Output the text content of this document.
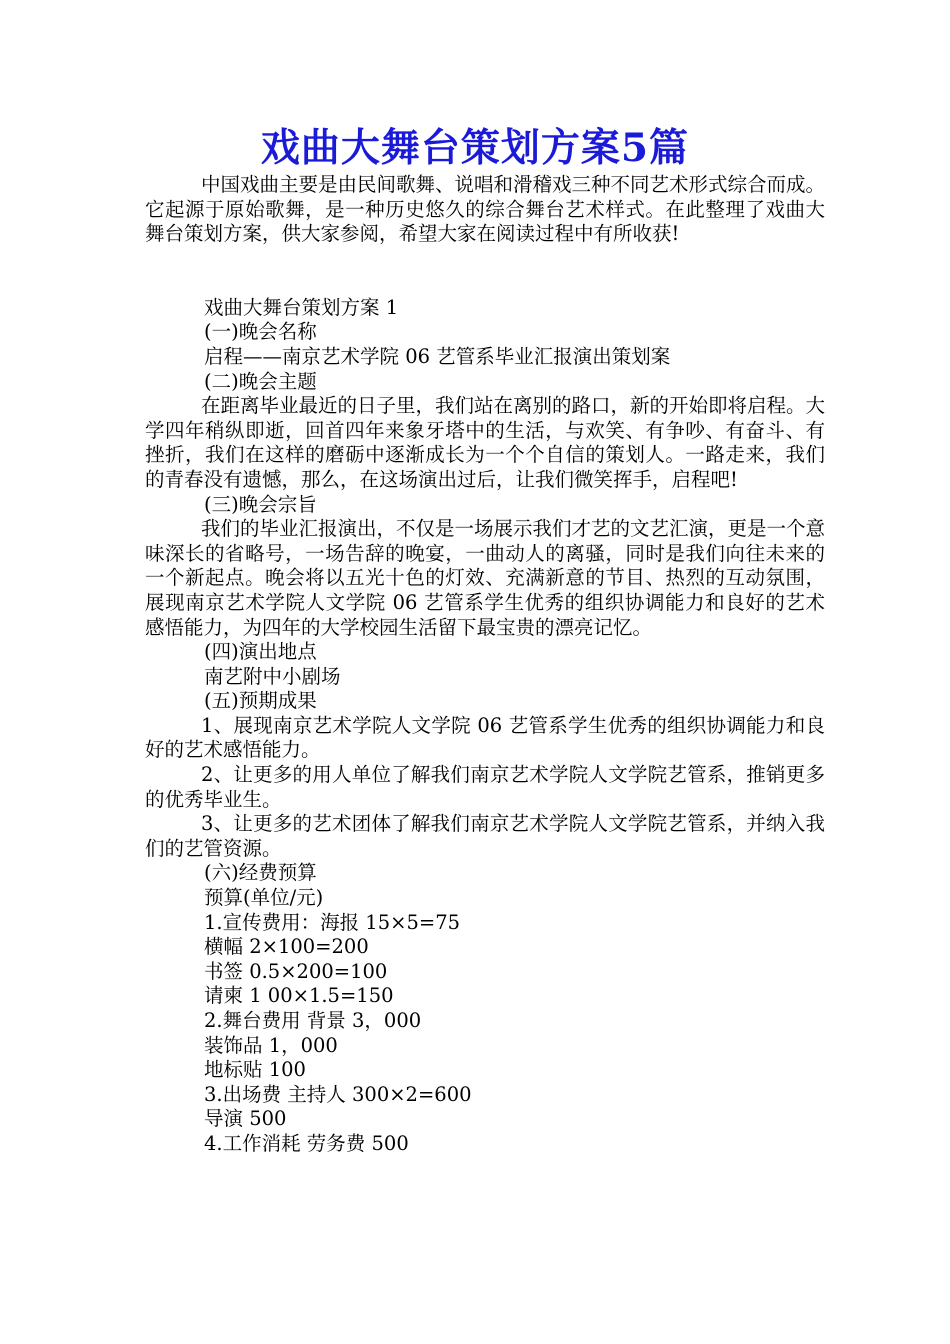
戏曲大舞台策划方案5篇

中国戏曲主要是由民间歌舞、说唱和滑稽戏三种不同艺术形式综合而成。它起源于原始歌舞，是一种历史悠久的综合舞台艺术样式。在此整理了戏曲大舞台策划方案，供大家参阅，希望大家在阅读过程中有所收获!

戏曲大舞台策划方案 1

(一)晚会名称

启程——南京艺术学院 06 艺管系毕业汇报演出策划案

(二)晚会主题

在距离毕业最近的日子里，我们站在离别的路口，新的开始即将启程。大学四年稍纵即逝，回首四年来象牙塔中的生活，与欢笑、有争吵、有奋斗、有挫折，我们在这样的磨砺中逐渐成长为一个个自信的策划人。一路走来，我们的青春没有遗憾，那么，在这场演出过后，让我们微笑挥手，启程吧!

(三)晚会宗旨

我们的毕业汇报演出，不仅是一场展示我们才艺的文艺汇演，更是一个意味深长的省略号，一场告辞的晚宴，一曲动人的离骚，同时是我们向往未来的一个新起点。晚会将以五光十色的灯效、充满新意的节目、热烈的互动氛围，展现南京艺术学院人文学院 06 艺管系学生优秀的组织协调能力和良好的艺术感悟能力，为四年的大学校园生活留下最宝贵的漂亮记忆。

(四)演出地点

南艺附中小剧场

(五)预期成果

1、展现南京艺术学院人文学院 06 艺管系学生优秀的组织协调能力和良好的艺术感悟能力。

2、让更多的用人单位了解我们南京艺术学院人文学院艺管系，推销更多的优秀毕业生。

3、让更多的艺术团体了解我们南京艺术学院人文学院艺管系，并纳入我们的艺管资源。

(六)经费预算

预算(单位/元)

1.宣传费用：海报 15×5=75

横幅 2×100=200

书签 0.5×200=100

请柬 1 00×1.5=150

2.舞台费用 背景 3，000

装饰品 1，000

地标贴 100

3.出场费 主持人 300×2=600

导演 500

4.工作消耗 劳务费 500
